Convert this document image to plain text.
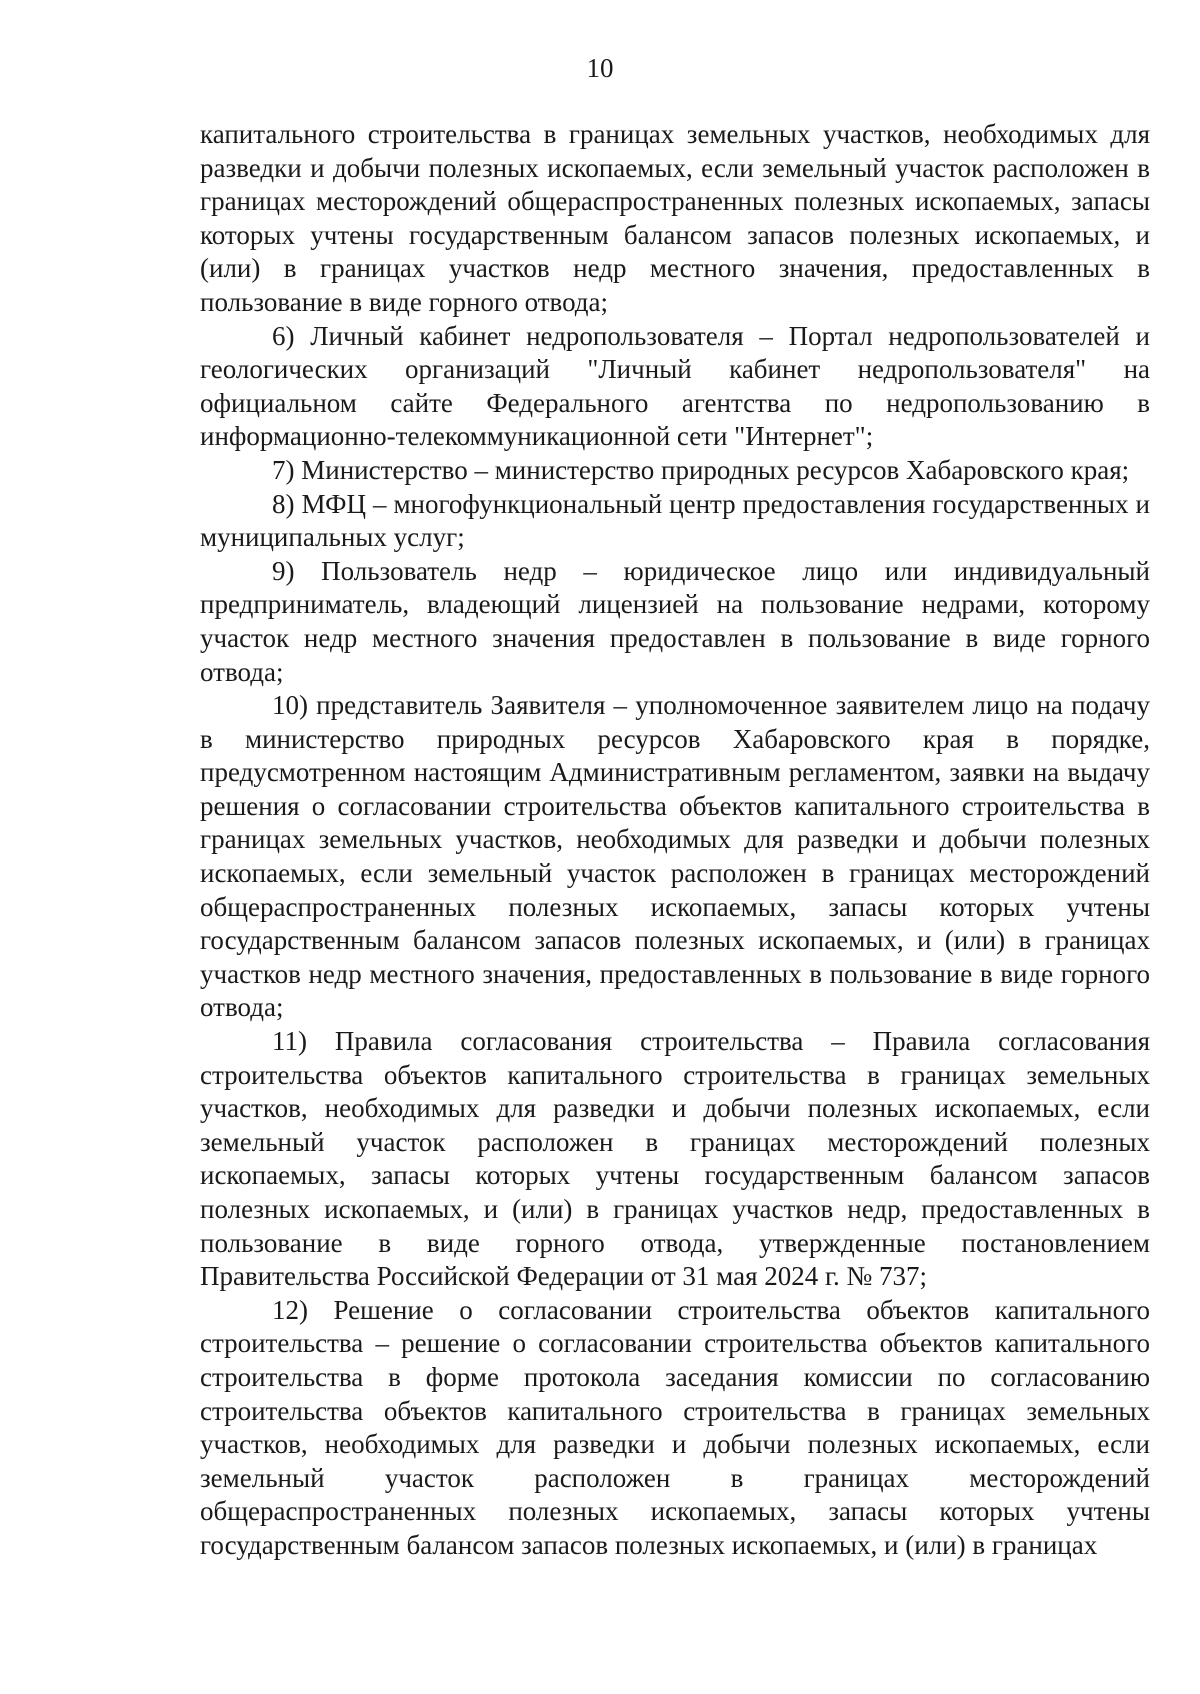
10

капитального строительства в границах земельных участков, необходимых для разведки и добычи полезных ископаемых, если земельный участок расположен в границах месторождений общераспространенных полезных ископаемых, запасы которых учтены государственным балансом запасов полезных ископаемых, и (или) в границах участков недр местного значения, предоставленных в пользование в виде горного отвода;

6) Личный кабинет недропользователя – Портал недропользователей и геологических организаций "Личный кабинет недропользователя" на официальном сайте Федерального агентства по недропользованию в информационно-телекоммуникационной сети "Интернет";

7) Министерство – министерство природных ресурсов Хабаровского края;

8) МФЦ – многофункциональный центр предоставления государственных и муниципальных услуг;

9) Пользователь недр – юридическое лицо или индивидуальный предприниматель, владеющий лицензией на пользование недрами, которому участок недр местного значения предоставлен в пользование в виде горного отвода;

10) представитель Заявителя – уполномоченное заявителем лицо на подачу в министерство природных ресурсов Хабаровского края в порядке, предусмотренном настоящим Административным регламентом, заявки на выдачу решения о согласовании строительства объектов капитального строительства в границах земельных участков, необходимых для разведки и добычи полезных ископаемых, если земельный участок расположен в границах месторождений общераспространенных полезных ископаемых, запасы которых учтены государственным балансом запасов полезных ископаемых, и (или) в границах участков недр местного значения, предоставленных в пользование в виде горного отвода;

11) Правила согласования строительства – Правила согласования строительства объектов капитального строительства в границах земельных участков, необходимых для разведки и добычи полезных ископаемых, если земельный участок расположен в границах месторождений полезных ископаемых, запасы которых учтены государственным балансом запасов полезных ископаемых, и (или) в границах участков недр, предоставленных в пользование в виде горного отвода, утвержденные постановлением Правительства Российской Федерации от 31 мая 2024 г. № 737;

12) Решение о согласовании строительства объектов капитального строительства – решение о согласовании строительства объектов капитального строительства в форме протокола заседания комиссии по согласованию строительства объектов капитального строительства в границах земельных участков, необходимых для разведки и добычи полезных ископаемых, если земельный участок расположен в границах месторождений общераспространенных полезных ископаемых, запасы которых учтены государственным балансом запасов полезных ископаемых, и (или) в границах
